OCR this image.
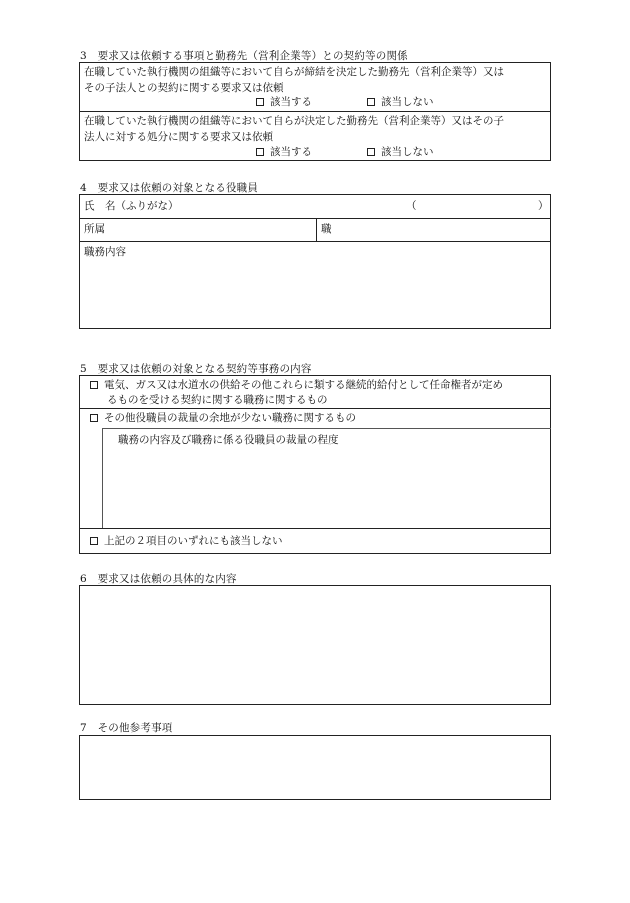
3　要求又は依頼する事項と勤務先（営利企業等）との契約等の関係
在職していた執行機関の組織等において自らが締結を決定した勤務先（営利企業等）又は
その子法人との契約に関する要求又は依頼
該当する	該当しない
在職していた執行機関の組織等において自らが決定した勤務先（営利企業等）又はその子
法人に対する処分に関する要求又は依頼
該当する	該当しない
4　要求又は依頼の対象となる役職員
氏　名（ふりがな）	（	）
所属	職
職務内容
5　要求又は依頼の対象となる契約等事務の内容
電気、ガス又は水道水の供給その他これらに類する継続的給付として任命権者が定め
るものを受ける契約に関する職務に関するもの
その他役職員の裁量の余地が少ない職務に関するもの
職務の内容及び職務に係る役職員の裁量の程度
上記の２項目のいずれにも該当しない
6　要求又は依頼の具体的な内容
7　その他参考事項
